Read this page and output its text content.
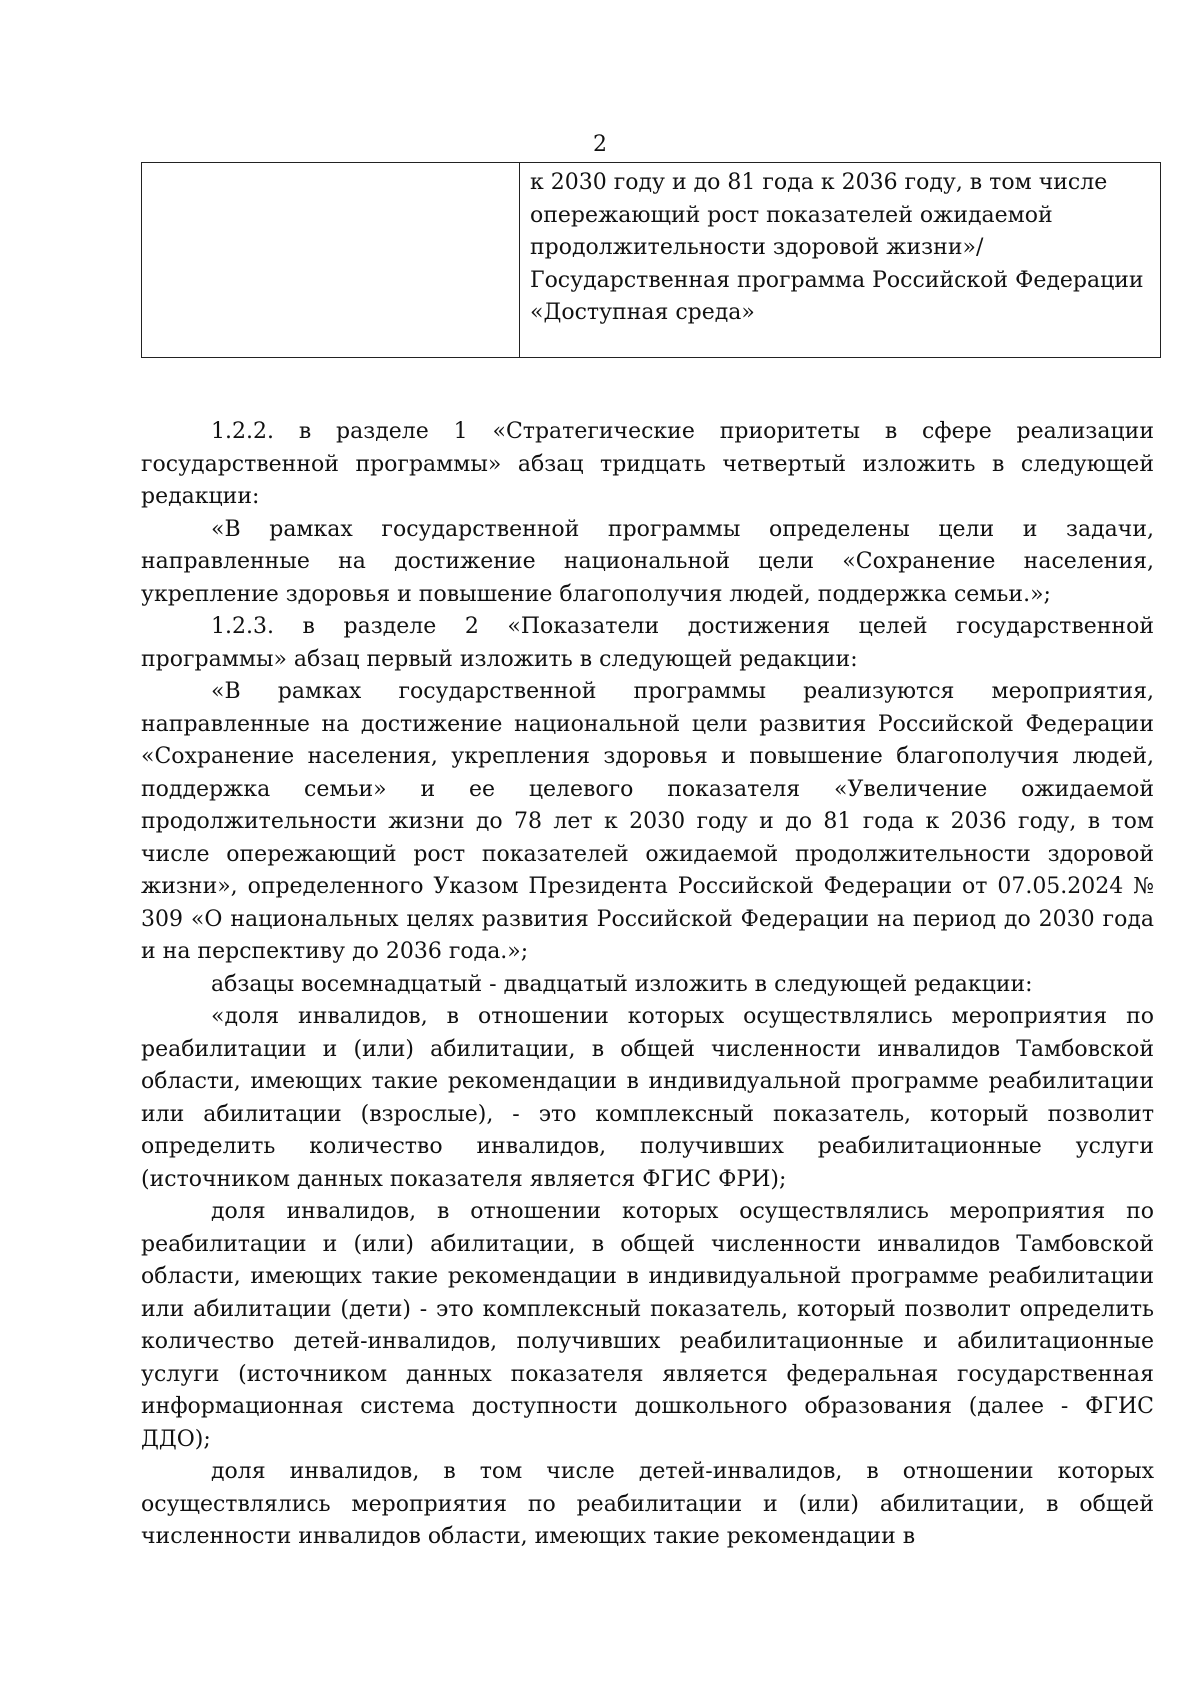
2
	к 2030 году и до 81 года к 2036 году, в том числе опережающий рост показателей ожидаемой продолжительности здоровой жизни»/Государственная программа Российской Федерации «Доступная среда»

1.2.2. в разделе 1 «Стратегические приоритеты в сфере реализации государственной программы» абзац тридцать четвертый изложить в следующей редакции:

«В рамках государственной программы определены цели и задачи, направленные на достижение национальной цели «Сохранение населения, укрепление здоровья и повышение благополучия людей, поддержка семьи.»;

1.2.3. в разделе 2 «Показатели достижения целей государственной программы» абзац первый изложить в следующей редакции:

«В рамках государственной программы реализуются мероприятия, направленные на достижение национальной цели развития Российской Федерации «Сохранение населения, укрепления здоровья и повышение благополучия людей, поддержка семьи» и ее целевого показателя «Увеличение ожидаемой продолжительности жизни до 78 лет к 2030 году и до 81 года к 2036 году, в том числе опережающий рост показателей ожидаемой продолжительности здоровой жизни», определенного Указом Президента Российской Федерации от 07.05.2024 № 309 «О национальных целях развития Российской Федерации на период до 2030 года и на перспективу до 2036 года.»;

абзацы восемнадцатый - двадцатый изложить в следующей редакции:

«доля инвалидов, в отношении которых осуществлялись мероприятия по реабилитации и (или) абилитации, в общей численности инвалидов Тамбовской области, имеющих такие рекомендации в индивидуальной программе реабилитации или абилитации (взрослые), - это комплексный показатель, который позволит определить количество инвалидов, получивших реабилитационные услуги (источником данных показателя является ФГИС ФРИ);

доля инвалидов, в отношении которых осуществлялись мероприятия по реабилитации и (или) абилитации, в общей численности инвалидов Тамбовской области, имеющих такие рекомендации в индивидуальной программе реабилитации или абилитации (дети) - это комплексный показатель, который позволит определить количество детей-инвалидов, получивших реабилитационные и абилитационные услуги (источником данных показателя является федеральная государственная информационная система доступности дошкольного образования (далее - ФГИС ДДО);

доля инвалидов, в том числе детей-инвалидов, в отношении которых осуществлялись мероприятия по реабилитации и (или) абилитации, в общей численности инвалидов области, имеющих такие рекомендации в
